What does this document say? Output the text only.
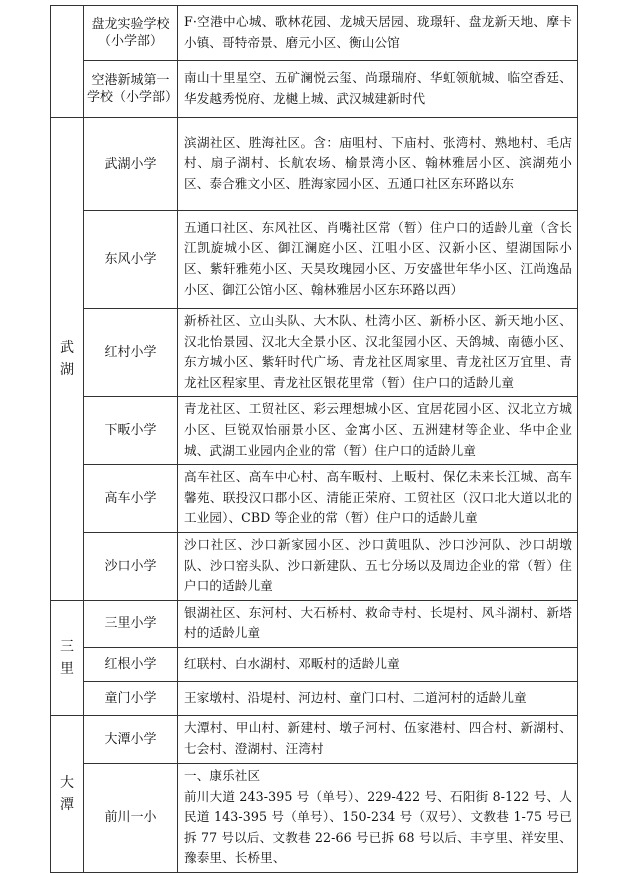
	盘龙实验学校（小学部）	F·空港中心城、歌林花园、龙城天居园、珑璟轩、盘龙新天地、摩卡小镇、哥特帝景、磨元小区、衡山公馆
	空港新城第一学校（小学部）	南山十里星空、五矿澜悦云玺、尚璟瑞府、华虹领航城、临空香廷、华发越秀悦府、龙樾上城、武汉城建新时代
武湖	武湖小学	滨湖社区、胜海社区。含：庙咀村、下庙村、张湾村、熟地村、毛店村、扇子湖村、长航农场、榆景湾小区、翰林雅居小区、滨湖苑小区、泰合雅文小区、胜海家园小区、五通口社区东环路以东
	东风小学	五通口社区、东风社区、肖嘴社区常（暂）住户口的适龄儿童（含长江凯旋城小区、御江澜庭小区、江咀小区、汉新小区、望湖国际小区、紫轩雅苑小区、天昊玫瑰园小区、万安盛世年华小区、江尚逸品小区、御江公馆小区、翰林雅居小区东环路以西）
	红村小学	新桥社区、立山头队、大木队、杜湾小区、新桥小区、新天地小区、汉北怡景园、汉北大全景小区、汉北玺园小区、天鸽城、南德小区、东方城小区、紫轩时代广场、青龙社区周家里、青龙社区万宜里、青龙社区程家里、青龙社区银花里常（暂）住户口的适龄儿童
	下畈小学	青龙社区、工贸社区、彩云理想城小区、宜居花园小区、汉北立方城小区、巨锐双怡丽景小区、金寓小区、五洲建材等企业、华中企业城、武湖工业园内企业的常（暂）住户口的适龄儿童
	高车小学	高车社区、高车中心村、高车畈村、上畈村、保亿未来长江城、高车馨苑、联投汉口郡小区、清能正荣府、工贸社区（汉口北大道以北的工业园）、CBD 等企业的常（暂）住户口的适龄儿童
	沙口小学	沙口社区、沙口新家园小区、沙口黄咀队、沙口沙河队、沙口胡墩队、沙口窑头队、沙口新建队、五七分场以及周边企业的常（暂）住户口的适龄儿童
三里	三里小学	银湖社区、东河村、大石桥村、救命寺村、长堤村、风斗湖村、新塔村的适龄儿童
	红根小学	红联村、白水湖村、邓畈村的适龄儿童
	童门小学	王家墩村、沿堤村、河边村、童门口村、二道河村的适龄儿童
大潭	大潭小学	大潭村、甲山村、新建村、墩子河村、伍家港村、四合村、新湖村、七会村、澄湖村、汪湾村
	前川一小	一、康乐社区
前川大道 243-395 号（单号）、229-422 号、石阳街 8-122 号、人民道 143-395 号（单号）、150-234 号（双号）、文教巷 1-75 号已拆 77 号以后、文教巷 22-66 号已拆 68 号以后、丰亨里、祥安里、豫泰里、长桥里、
